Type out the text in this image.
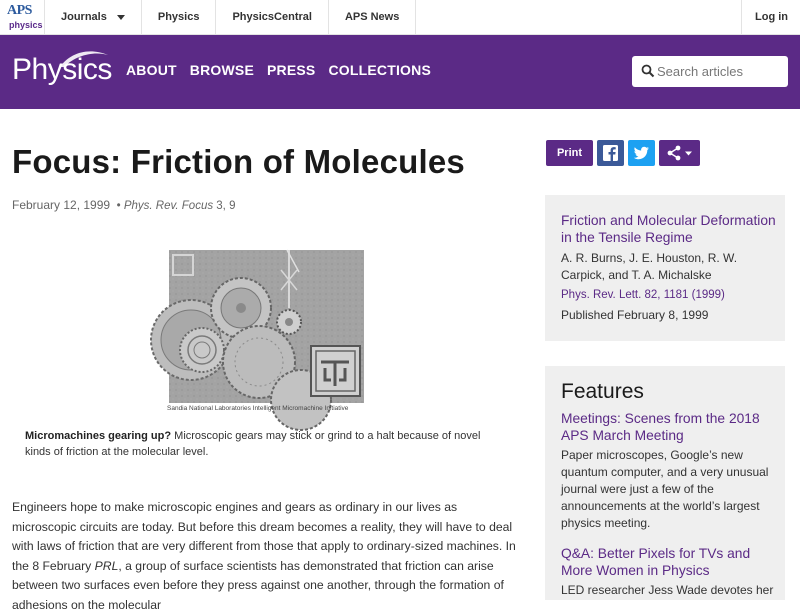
APS
physics
Journals	Physics	PhysicsCentral	APS News	Log in
Physics ABOUT BROWSE PRESS COLLECTIONS
Search articles
Focus: Friction of Molecules
February 12, 1999  • Phys. Rev. Focus 3, 9
Sandia National Laboratories Intelligent Micromachine Initiative
Micromachines gearing up? Microscopic gears may stick or grind to a halt because of novel kinds of friction at the molecular level.
Engineers hope to make microscopic engines and gears as ordinary in our lives as microscopic circuits are today. But before this dream becomes a reality, they will have to deal with laws of friction that are very different from those that apply to ordinary-sized machines. In the 8 February PRL, a group of surface scientists has demonstrated that friction can arise between two surfaces even before they press against one another, through the formation of adhesions on the molecular
Print
Friction and Molecular Deformation in the Tensile Regime
A. R. Burns, J. E. Houston, R. W. Carpick, and T. A. Michalske
Phys. Rev. Lett. 82, 1181 (1999)
Published February 8, 1999
Features
Meetings: Scenes from the 2018 APS March Meeting
Paper microscopes, Google’s new quantum computer, and a very unusual journal were just a few of the announcements at the world’s largest physics meeting.
Q&A: Better Pixels for TVs and More Women in Physics
LED researcher Jess Wade devotes her
